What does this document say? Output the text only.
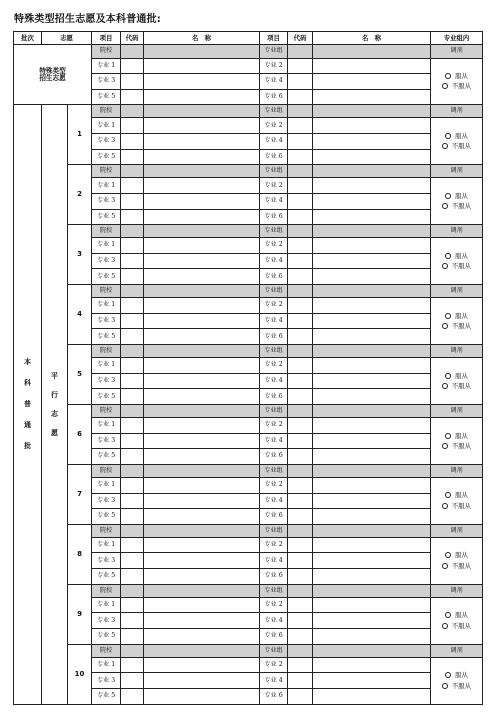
特殊类型招生志愿及本科普通批:
批次	志愿		项目	代码	名　称	项目	代码	名　称	专业组内
特殊类型
招生志愿			院校			专业组			调剂
			专业 1			专业 2			服从
不服从

			专业 3			专业 4			
			专业 5			专业 6			

本
科
普
通
批	平
行
志
愿	1	院校			专业组			调剂
			专业 1			专业 2			服从
不服从

			专业 3			专业 4			
			专业 5			专业 6			
		2	院校			专业组			调剂
			专业 1			专业 2			服从
不服从

			专业 3			专业 4			
			专业 5			专业 6			
		3	院校			专业组			调剂
			专业 1			专业 2			服从
不服从

			专业 3			专业 4			
			专业 5			专业 6			
		4	院校			专业组			调剂
			专业 1			专业 2			服从
不服从

			专业 3			专业 4			
			专业 5			专业 6			
		5	院校			专业组			调剂
			专业 1			专业 2			服从
不服从

			专业 3			专业 4			
			专业 5			专业 6			
		6	院校			专业组			调剂
			专业 1			专业 2			服从
不服从

			专业 3			专业 4			
			专业 5			专业 6			
		7	院校			专业组			调剂
			专业 1			专业 2			服从
不服从

			专业 3			专业 4			
			专业 5			专业 6			
		8	院校			专业组			调剂
			专业 1			专业 2			服从
不服从

			专业 3			专业 4			
			专业 5			专业 6			
		9	院校			专业组			调剂
			专业 1			专业 2			服从
不服从

			专业 3			专业 4			
			专业 5			专业 6			
		10	院校			专业组			调剂
			专业 1			专业 2			服从
不服从

			专业 3			专业 4			
			专业 5			专业 6			
